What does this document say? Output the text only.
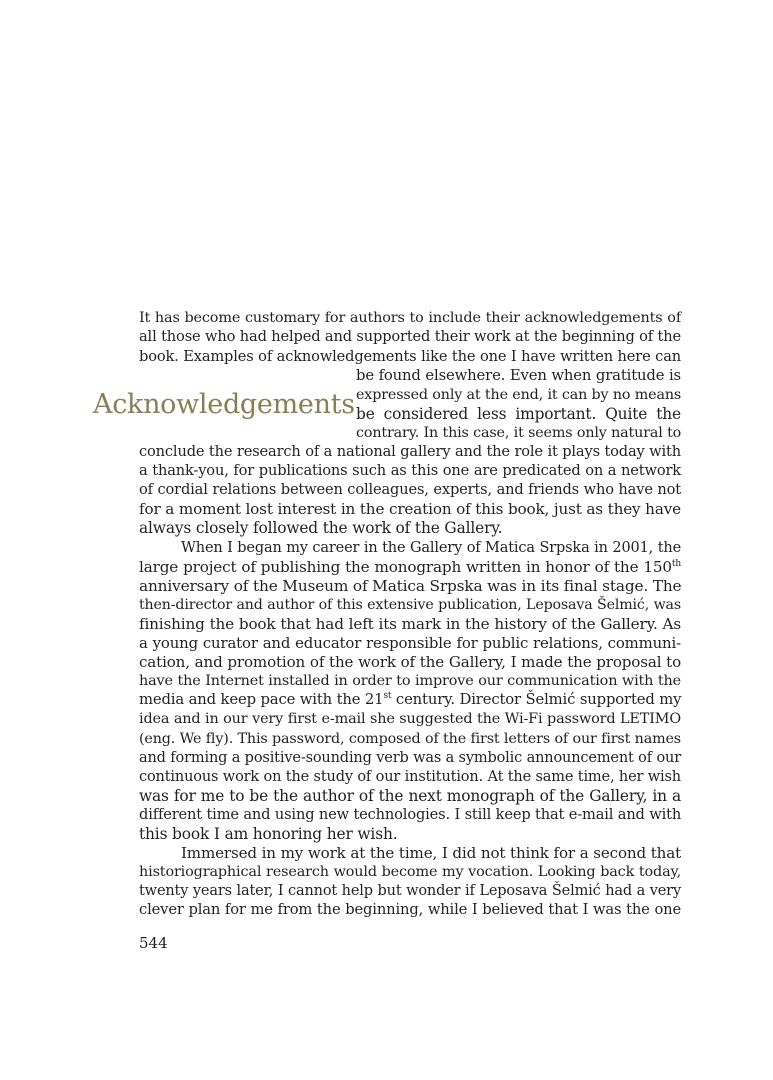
Acknowledgements
It has become customary for authors to include their acknowledgements of
all those who had helped and supported their work at the beginning of the
book. Examples of acknowledgements like the one I have written here can
be found elsewhere. Even when gratitude is
expressed only at the end, it can by no means
be considered less important. Quite the
contrary. In this case, it seems only natural to
conclude the research of a national gallery and the role it plays today with
a thank-you, for publications such as this one are predicated on a network
of cordial relations between colleagues, experts, and friends who have not
for a moment lost interest in the creation of this book, just as they have
always closely followed the work of the Gallery.
When I began my career in the Gallery of Matica Srpska in 2001, the
large project of publishing the monograph written in honor of the 150th
anniversary of the Museum of Matica Srpska was in its final stage. The
then-director and author of this extensive publication, Leposava Šelmić, was
finishing the book that had left its mark in the history of the Gallery. As
a young curator and educator responsible for public relations, communi-
cation, and promotion of the work of the Gallery, I made the proposal to
have the Internet installed in order to improve our communication with the
media and keep pace with the 21st century. Director Šelmić supported my
idea and in our very first e-mail she suggested the Wi-Fi password LETIMO
(eng. We fly). This password, composed of the first letters of our first names
and forming a positive-sounding verb was a symbolic announcement of our
continuous work on the study of our institution. At the same time, her wish
was for me to be the author of the next monograph of the Gallery, in a
different time and using new technologies. I still keep that e-mail and with
this book I am honoring her wish.
Immersed in my work at the time, I did not think for a second that
historiographical research would become my vocation. Looking back today,
twenty years later, I cannot help but wonder if Leposava Šelmić had a very
clever plan for me from the beginning, while I believed that I was the one
544
